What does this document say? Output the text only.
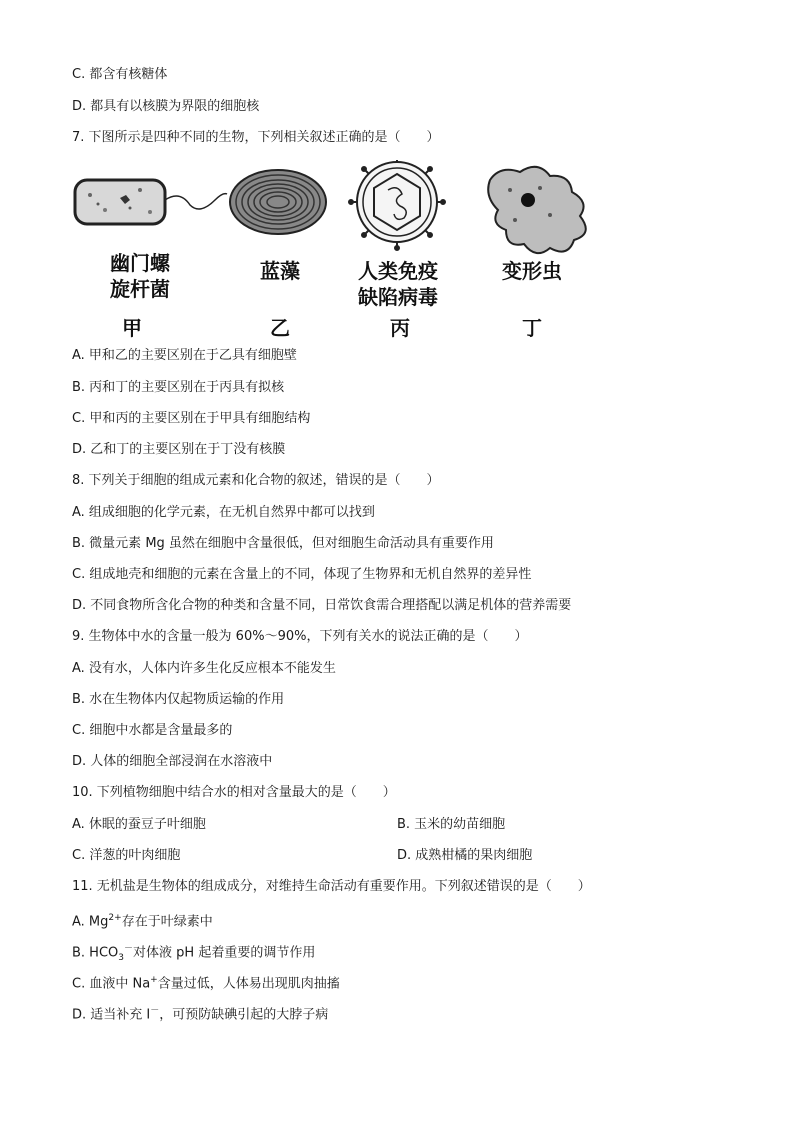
C. 都含有核糖体
D. 都具有以核膜为界限的细胞核
7. 下图所示是四种不同的生物，下列相关叙述正确的是（　　）
幽门螺
旋杆菌
蓝藻	人类免疫
缺陷病毒
变形虫
甲	乙	丙	丁
A. 甲和乙的主要区别在于乙具有细胞壁
B. 丙和丁的主要区别在于丙具有拟核
C. 甲和丙的主要区别在于甲具有细胞结构
D. 乙和丁的主要区别在于丁没有核膜
8. 下列关于细胞的组成元素和化合物的叙述，错误的是（　　）
A. 组成细胞的化学元素，在无机自然界中都可以找到
B. 微量元素 Mg 虽然在细胞中含量很低，但对细胞生命活动具有重要作用
C. 组成地壳和细胞的元素在含量上的不同，体现了生物界和无机自然界的差异性
D. 不同食物所含化合物的种类和含量不同，日常饮食需合理搭配以满足机体的营养需要
9. 生物体中水的含量一般为 60%～90%，下列有关水的说法正确的是（　　）
A. 没有水，人体内许多生化反应根本不能发生
B. 水在生物体内仅起物质运输的作用
C. 细胞中水都是含量最多的
D. 人体的细胞全部浸润在水溶液中
10. 下列植物细胞中结合水的相对含量最大的是（　　）
A. 休眠的蚕豆子叶细胞	B. 玉米的幼苗细胞
C. 洋葱的叶肉细胞	D. 成熟柑橘的果肉细胞
11. 无机盐是生物体的组成成分，对维持生命活动有重要作用。下列叙述错误的是（　　）
A. $Mg^{2+}$存在于叶绿素中
B. $HCO_3^-$对体液 pH 起着重要的调节作用
C. 血液中 Na+含量过低，人体易出现肌肉抽搐
D. 适当补充 I－，可预防缺碘引起的大脖子病
